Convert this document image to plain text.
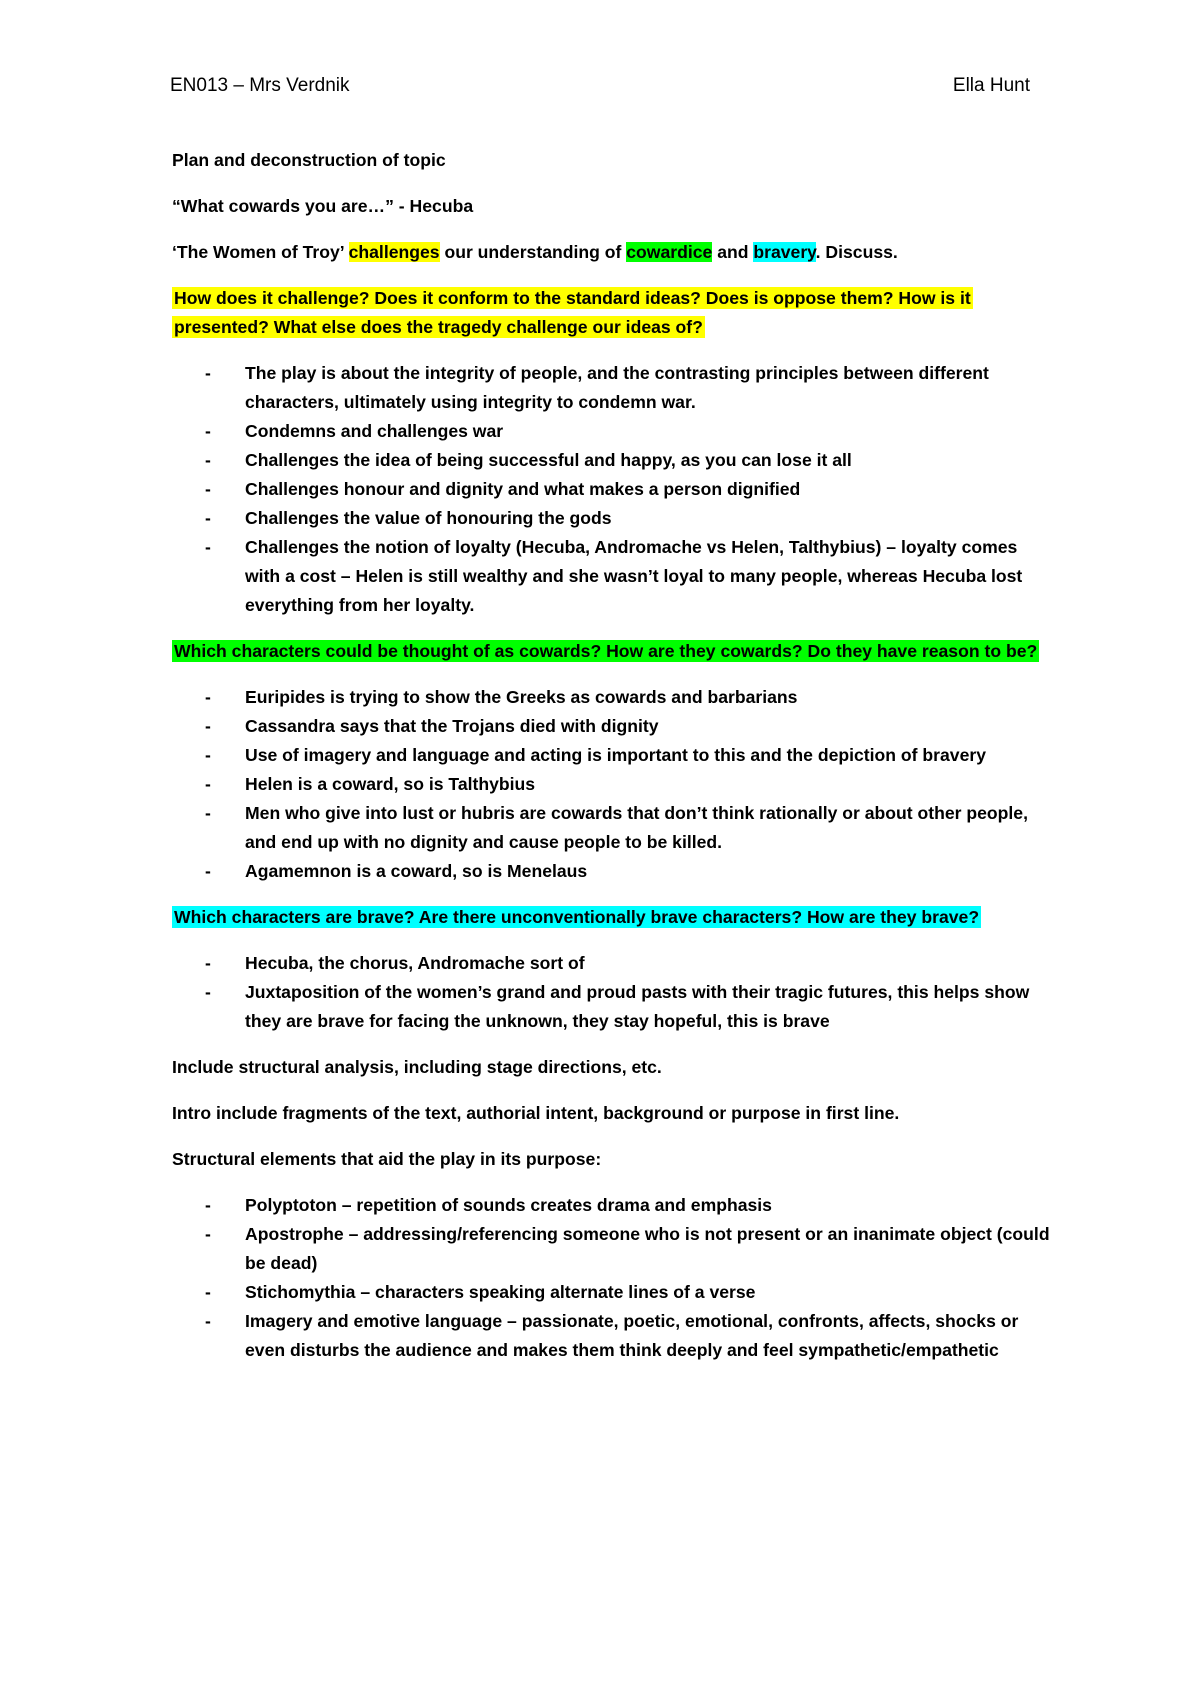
EN013 – Mrs Verdnik	Ella Hunt

Plan and deconstruction of topic

“What cowards you are…” - Hecuba

‘The Women of Troy’ challenges our understanding of cowardice and bravery. Discuss.

How does it challenge? Does it conform to the standard ideas? Does is oppose them? How is it presented? What else does the tragedy challenge our ideas of?

- The play is about the integrity of people, and the contrasting principles between different characters, ultimately using integrity to condemn war.
- Condemns and challenges war
- Challenges the idea of being successful and happy, as you can lose it all
- Challenges honour and dignity and what makes a person dignified
- Challenges the value of honouring the gods
- Challenges the notion of loyalty (Hecuba, Andromache vs Helen, Talthybius) – loyalty comes with a cost – Helen is still wealthy and she wasn’t loyal to many people, whereas Hecuba lost everything from her loyalty.

Which characters could be thought of as cowards? How are they cowards? Do they have reason to be?

- Euripides is trying to show the Greeks as cowards and barbarians
- Cassandra says that the Trojans died with dignity
- Use of imagery and language and acting is important to this and the depiction of bravery
- Helen is a coward, so is Talthybius
- Men who give into lust or hubris are cowards that don’t think rationally or about other people, and end up with no dignity and cause people to be killed.
- Agamemnon is a coward, so is Menelaus

Which characters are brave? Are there unconventionally brave characters? How are they brave?

- Hecuba, the chorus, Andromache sort of
- Juxtaposition of the women’s grand and proud pasts with their tragic futures, this helps show they are brave for facing the unknown, they stay hopeful, this is brave

Include structural analysis, including stage directions, etc.

Intro include fragments of the text, authorial intent, background or purpose in first line.

Structural elements that aid the play in its purpose:

- Polyptoton – repetition of sounds creates drama and emphasis
- Apostrophe – addressing/referencing someone who is not present or an inanimate object (could be dead)
- Stichomythia – characters speaking alternate lines of a verse
- Imagery and emotive language – passionate, poetic, emotional, confronts, affects, shocks or even disturbs the audience and makes them think deeply and feel sympathetic/empathetic
